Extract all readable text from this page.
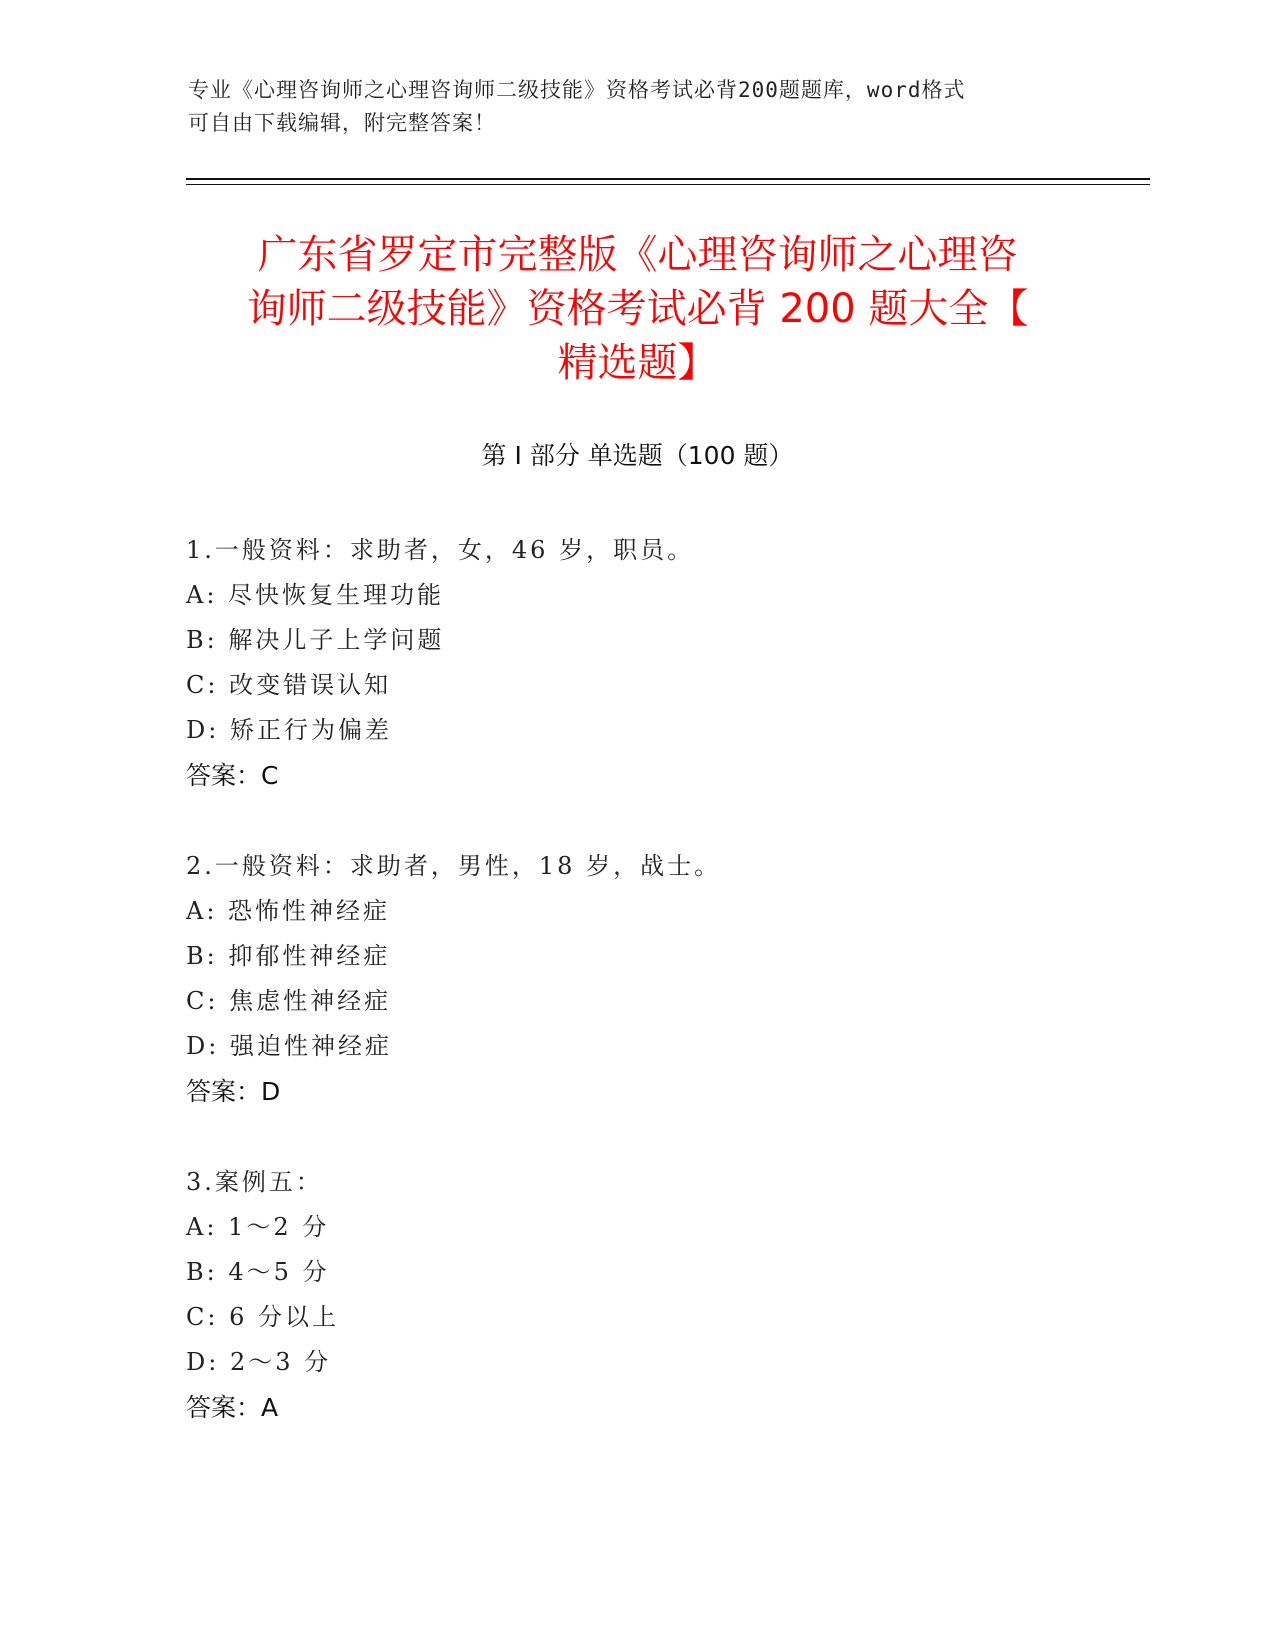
专业《心理咨询师之心理咨询师二级技能》资格考试必背200题题库，word格式
可自由下载编辑，附完整答案！
广东省罗定市完整版《心理咨询师之心理咨
询师二级技能》资格考试必背 200 题大全【
精选题】
第 I 部分 单选题（100 题）
1.一般资料：求助者，女，46 岁，职员。
A: 尽快恢复生理功能
B: 解决儿子上学问题
C: 改变错误认知
D: 矫正行为偏差
答案：C
2.一般资料：求助者，男性，18 岁，战士。
A: 恐怖性神经症
B: 抑郁性神经症
C: 焦虑性神经症
D: 强迫性神经症
答案：D
3.案例五：
A: 1～2 分
B: 4～5 分
C: 6 分以上
D: 2～3 分
答案：A
